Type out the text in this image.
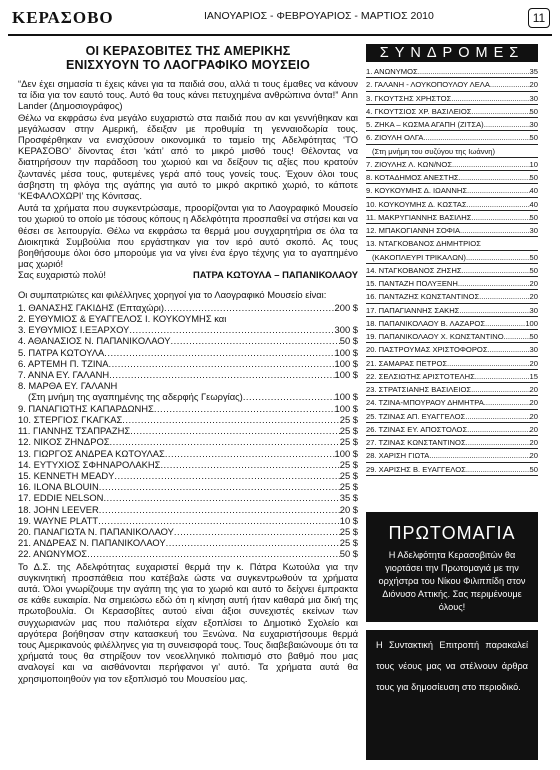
ΚΕΡΑΣΟΒΟ	ΙΑΝΟΥΑΡΙΟΣ - ΦΕΒΡΟΥΑΡΙΟΣ - ΜΑΡΤΙΟΣ 2010	11
ΟΙ ΚΕΡΑΣΟΒΙΤΕΣ ΤΗΣ ΑΜΕΡΙΚΗΣ
ΕΝΙΣΧΥΟΥΝ ΤΟ ΛΑΟΓΡΑΦΙΚΟ ΜΟΥΣΕΙΟ

“Δεν έχει σημασία τι έχεις κάνει για τα παιδιά σου, αλλά τι τους έμαθες να κάνουν τα ίδια για τον εαυτό τους. Αυτό θα τους κάνει πετυχημένα ανθρώπινα όντα!” Ann Lander (Δημοσιογράφος)

Θέλω να εκφράσω ένα μεγάλο ευχαριστώ στα παιδιά που αν και γεννήθηκαν και μεγάλωσαν στην Αμερική, έδειξαν με προθυμία τη γενναιοδωρία τους. Προσφέρθηκαν να ενισχύσουν οικονομικά το ταμείο της Αδελφότητας ‘ΤΟ ΚΕΡΑΣΟΒΟ’ δίνοντας έτσι ‘κάτι’ από το μικρό μισθό τους! Θέλοντας να διατηρήσουν την παράδοση του χωριού και να δείξουν τις αξίες που κρατούν ζωντανές μέσα τους, φυτεμένες γερά από τους γονείς τους. Έχουν όλοι τους άσβηστη τη φλόγα της αγάπης για αυτό το μικρό ακριτικό χωριό, το κάποτε ‘ΚΕΦΑΛΟΧΩΡΙ’ της Κόνιτσας.

Αυτά τα χρήματα που συγκεντρώσαμε, προορίζονται για το Λαογραφικό Μουσείο του χωριού το οποίο με τόσους κόπους η Αδελφότητα προσπαθεί να στήσει και να θέσει σε λειτουργία. Θέλω να εκφράσω τα θερμά μου συγχαρητήρια σε όλα τα Διοικητικά Συμβούλια που εργάστηκαν για τον ιερό αυτό σκοπό. Ας τους βοηθήσουμε όλοι όσο μπορούμε για να γίνει ένα έργο τέχνης για το αγαπημένο μας χωριό!

Σας ευχαριστώ πολύ!	ΠΑΤΡΑ ΚΩΤΟΥΛΑ – ΠΑΠΑΝΙΚΟΛΑΟΥ

Οι συμπατριώτες και φιλέλληνες χορηγοί για το Λαογραφικό Μουσείο είναι:

1. ΘΑΝΑΣΗΣ ΓΑΚΙΔΗΣ (Επταχώρι) .....	200 $
2. ΕΥΘΥΜΙΟΣ & ΕΥΑΓΓΕΛΟΣ Ι. ΚΟΥΚΟΥΜΗΣ και
3. ΕΥΘΥΜΙΟΣ Ι.ΕΞΑΡΧΟΥ .....	300 $
4. ΑΘΑΝΑΣΙΟΣ Ν. ΠΑΠΑΝΙΚΟΛΑΟΥ .....	50 $
5. ΠΑΤΡΑ ΚΩΤΟΥΛΑ .....	100 $
6. ΑΡΤΕΜΗ Π. ΤΖΙΝΑ .....	100 $
7. ΑΝΝΑ ΕΥ. ΓΑΛΑΝΗ .....	100 $
8. ΜΑΡΘΑ ΕΥ. ΓΑΛΑΝΗ
(Στη μνήμη της αγαπημένης της αδερφής Γεωργίας) .....	100 $
9. ΠΑΝΑΓΙΩΤΗΣ ΚΑΠΑΡΔΩΝΗΣ .....	100 $
10. ΣΤΕΡΓΙΟΣ ΓΚΑΓΚΑΣ .....	25 $
11. ΓΙΑΝΝΗΣ ΤΣΑΠΡΑΖΗΣ .....	25 $
12. ΝΙΚΟΣ ΖΗΝΔΡΟΣ .....	25 $
13. ΓΙΩΡΓΟΣ ΑΝΔΡΕΑ ΚΩΤΟΥΛΑΣ .....	100 $
14. ΕΥΤΥΧΙΟΣ ΣΦΗΝΑΡΟΛΑΚΗΣ .....	25 $
15. KENNETH MEADY .....	25 $
16. ILONA BLOUIN .....	25 $
17. EDDIE NELSON .....	35 $
18. JOHN LEEVER .....	20 $
19. WAYNE PLATT .....	10 $
20. ΠΑΝΑΓΙΩΤΑ Ν. ΠΑΠΑΝΙΚΟΛΑΟΥ .....	25 $
21. ΑΝΔΡΕΑΣ Ν. ΠΑΠΑΝΙΚΟΛΑΟΥ .....	25 $
22. ΑΝΩΝΥΜΟΣ .....	50 $

Το Δ.Σ. της Αδελφότητας ευχαριστεί θερμά την κ. Πάτρα Κωτούλα για την συγκινητική προσπάθεια που κατέβαλε ώστε να συγκεντρωθούν τα χρήματα αυτά. Όλοι γνωρίζουμε την αγάπη της για το χωριό και αυτό το δείχνει έμπρακτα σε κάθε ευκαιρία. Να σημειώσω εδώ ότι η κίνηση αυτή ήταν καθαρά μια δική της πρωτοβουλία. Οι Κερασοβίτες αυτού είναι άξιοι συνεχιστές εκείνων των συγχωριανών μας που παλιότερα είχαν εξοπλίσει το Δημοτικό Σχολείο και αργότερα βοήθησαν στην κατασκευή του Ξενώνα. Να ευχαριστήσουμε θερμά τους Αμερικανούς φιλέλληνες για τη συνεισφορά τους. Τους διαβεβαιώνουμε ότι τα χρήματά τους θα στηρίξουν τον νεοελληνικό πολιτισμό στο βαθμό που μας αναλογεί και να αισθάνονται περήφανοι γι’ αυτό. Τα χρήματα αυτά θα χρησιμοποιηθούν για τον εξοπλισμό του Μουσείου μας.

ΣΥΝΔΡΟΜΕΣ
1. ΑΝΩΝΥΜΟΣ .....	35
2. ΓΑΛΑΝΗ - ΛΟΥΚΟΠΟΥΛΟΥ ΛΕΛΑ .....	20
3. ΓΚΟΥΤΣΗΣ ΧΡΗΣΤΟΣ .....	30
4. ΓΚΟΥΤΣΙΟΣ ΧΡ. ΒΑΣΙΛΕΙΟΣ .....	50
5. ΖΗΚΑ – ΚΩΣΜΑ ΑΓΑΠΗ (ΖΙΤΣΑ) .....	30
6. ΖΙΟΥΛΗ ΟΛΓΑ .....	50
(Στη μνήμη του συζύγου της Ιωάννη)
7. ΖΙΟΥΛΗΣ Λ. ΚΩΝ/ΝΟΣ .....	10
8. ΚΟΤΑΔΗΜΟΣ ΑΝΕΣΤΗΣ .....	50
9. ΚΟΥΚΟΥΜΗΣ Δ. ΙΩΑΝΝΗΣ .....	40
10. ΚΟΥΚΟΥΜΗΣ Δ. ΚΩΣΤΑΣ .....	40
11. ΜΑΚΡΥΓΙΑΝΝΗΣ ΒΑΣΙΛΗΣ .....	50
12. ΜΠΑΚΟΓΙΑΝΝΗ ΣΟΦΙΑ .....	30
13. ΝΤΑΓΚΟΒΑΝΟΣ ΔΗΜΗΤΡΙΟΣ
(ΚΑΚΟΠΛΕΥΡΙ ΤΡΙΚΑΛΩΝ) .....	50
14. ΝΤΑΓΚΟΒΑΝΟΣ ΖΗΣΗΣ .....	50
15. ΠΑΝΤΑΖΗ ΠΟΛΥΞΕΝΗ .....	20
16. ΠΑΝΤΑΖΗΣ ΚΩΝΣΤΑΝΤΙΝΟΣ .....	20
17. ΠΑΠΑΓΙΑΝΝΗΣ ΣΑΚΗΣ .....	30
18. ΠΑΠΑΝΙΚΟΛΑΟΥ Β. ΛΑΖΑΡΟΣ .....	100
19. ΠΑΠΑΝΙΚΟΛΑΟΥ Χ. ΚΩΝΣΤΑΝΤΙΝΟ .....	50
20. ΠΑΣΤΡΟΥΜΑΣ ΧΡΙΣΤΟΦΟΡΟΣ .....	30
21. ΣΑΜΑΡΑΣ ΠΕΤΡΟΣ .....	20
22. ΣΕΛΣΙΩΤΗΣ ΑΡΙΣΤΟΤΕΛΗΣ .....	15
23. ΣΤΡΑΤΣΙΑΝΗΣ ΒΑΣΙΛΕΙΟΣ .....	20
24. ΤΖΙΝΑ-ΜΠΟΥΡΑΟΥ ΔΗΜΗΤΡΑ .....	20
25. ΤΖΙΝΑΣ ΑΠ. ΕΥΑΓΓΕΛΟΣ .....	20
26. ΤΖΙΝΑΣ ΕΥ. ΑΠΟΣΤΟΛΟΣ .....	20
27. ΤΖΙΝΑΣ ΚΩΝΣΤΑΝΤΙΝΟΣ .....	20
28. ΧΑΡΙΣΗ ΓΙΩΤΑ .....	20
29. ΧΑΡΙΣΗΣ Β. ΕΥΑΓΓΕΛΟΣ .....	50
ΠΡΩΤΟΜΑΓΙΑ
Η Αδελφότητα Κερασοβιτών θα γιορτάσει την Πρωτομαγιά με την ορχήστρα του Νίκου Φιλιππίδη στον Διόνυσο Αττικής. Σας περιμένουμε όλους!

Η Συντακτική Επιτροπή παρακαλεί τους νέους μας να στέλνουν άρθρα τους για δημοσίευση στο περιοδικό.
